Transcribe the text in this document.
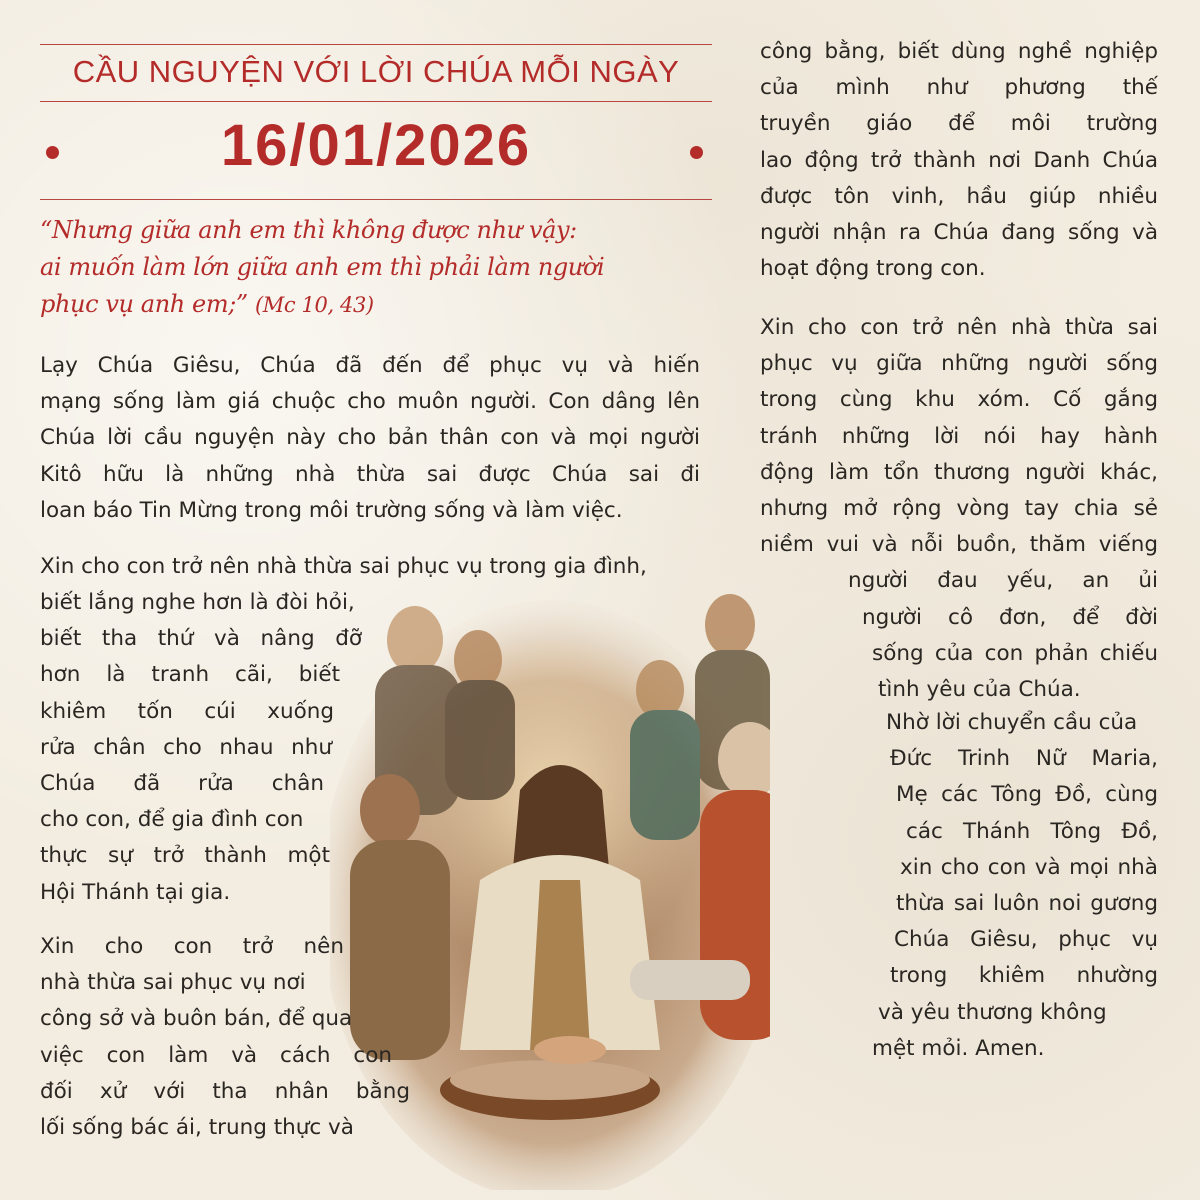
CẦU NGUYỆN VỚI LỜI CHÚA MỖI NGÀY
16/01/2026
“Nhưng giữa anh em thì không được như vậy:
ai muốn làm lớn giữa anh em thì phải làm người
phục vụ anh em;” (Mc 10, 43)
Lạy Chúa Giêsu, Chúa đã đến để phục vụ và hiến
mạng sống làm giá chuộc cho muôn người. Con dâng lên
Chúa lời cầu nguyện này cho bản thân con và mọi người
Kitô hữu là những nhà thừa sai được Chúa sai đi
loan báo Tin Mừng trong môi trường sống và làm việc.
Xin cho con trở nên nhà thừa sai phục vụ trong gia đình,
biết lắng nghe hơn là đòi hỏi,
biết tha thứ và nâng đỡ
hơn là tranh cãi, biết
khiêm tốn cúi xuống
rửa chân cho nhau như
Chúa đã rửa chân
cho con, để gia đình con
thực sự trở thành một
Hội Thánh tại gia.
Xin cho con trở nên
nhà thừa sai phục vụ nơi
công sở và buôn bán, để qua
việc con làm và cách con
đối xử với tha nhân bằng
lối sống bác ái, trung thực và
công bằng, biết dùng nghề nghiệp
của mình như phương thế
truyền giáo để môi trường
lao động trở thành nơi Danh Chúa
được tôn vinh, hầu giúp nhiều
người nhận ra Chúa đang sống và
hoạt động trong con.
Xin cho con trở nên nhà thừa sai
phục vụ giữa những người sống
trong cùng khu xóm. Cố gắng
tránh những lời nói hay hành
động làm tổn thương người khác,
nhưng mở rộng vòng tay chia sẻ
niềm vui và nỗi buồn, thăm viếng
người đau yếu, an ủi
người cô đơn, để đời
sống của con phản chiếu
tình yêu của Chúa.
Nhờ lời chuyển cầu của
Đức Trinh Nữ Maria,
Mẹ các Tông Đồ, cùng
các Thánh Tông Đồ,
xin cho con và mọi nhà
thừa sai luôn noi gương
Chúa Giêsu, phục vụ
trong khiêm nhường
và yêu thương không
mệt mỏi. Amen.
